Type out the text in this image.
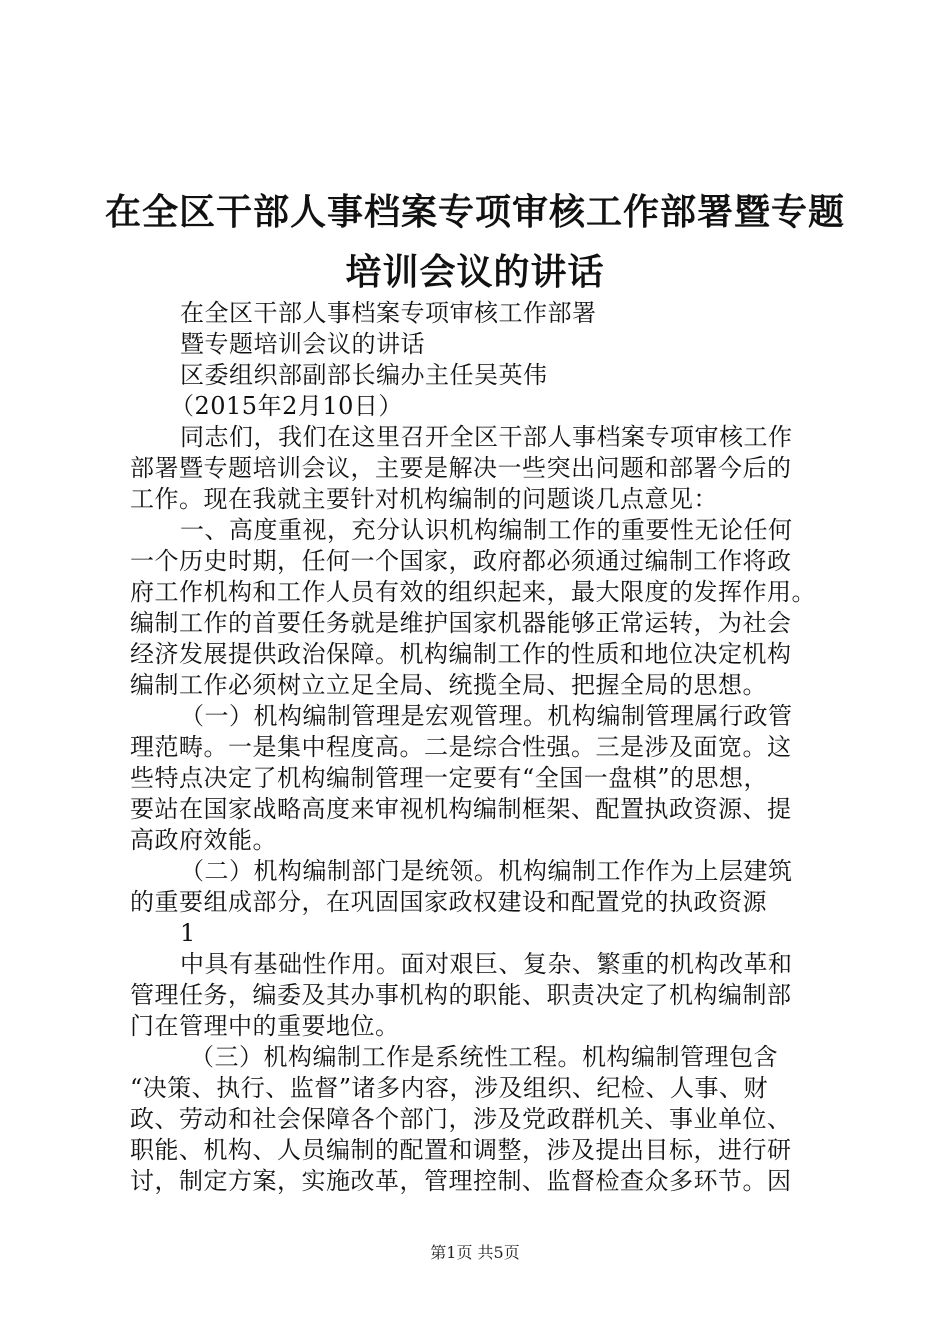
在全区干部人事档案专项审核工作部署暨专题
培训会议的讲话
在全区干部人事档案专项审核工作部署
暨专题培训会议的讲话
区委组织部副部长编办主任吴英伟
（2015年2月10日）
同志们，我们在这里召开全区干部人事档案专项审核工作
部署暨专题培训会议，主要是解决一些突出问题和部署今后的
工作。现在我就主要针对机构编制的问题谈几点意见：
一、高度重视，充分认识机构编制工作的重要性无论任何
一个历史时期，任何一个国家，政府都必须通过编制工作将政
府工作机构和工作人员有效的组织起来，最大限度的发挥作用。
编制工作的首要任务就是维护国家机器能够正常运转，为社会
经济发展提供政治保障。机构编制工作的性质和地位决定机构
编制工作必须树立立足全局、统揽全局、把握全局的思想。
（一）机构编制管理是宏观管理。机构编制管理属行政管
理范畴。一是集中程度高。二是综合性强。三是涉及面宽。这
些特点决定了机构编制管理一定要有“全国一盘棋”的思想，
要站在国家战略高度来审视机构编制框架、配置执政资源、提
高政府效能。
（二）机构编制部门是统领。机构编制工作作为上层建筑
的重要组成部分，在巩固国家政权建设和配置党的执政资源
1
中具有基础性作用。面对艰巨、复杂、繁重的机构改革和
管理任务，编委及其办事机构的职能、职责决定了机构编制部
门在管理中的重要地位。
（三）机构编制工作是系统性工程。机构编制管理包含
“决策、执行、监督”诸多内容，涉及组织、纪检、人事、财
政、劳动和社会保障各个部门，涉及党政群机关、事业单位、
职能、机构、人员编制的配置和调整，涉及提出目标，进行研
讨，制定方案，实施改革，管理控制、监督检查众多环节。因
第1页 共5页
